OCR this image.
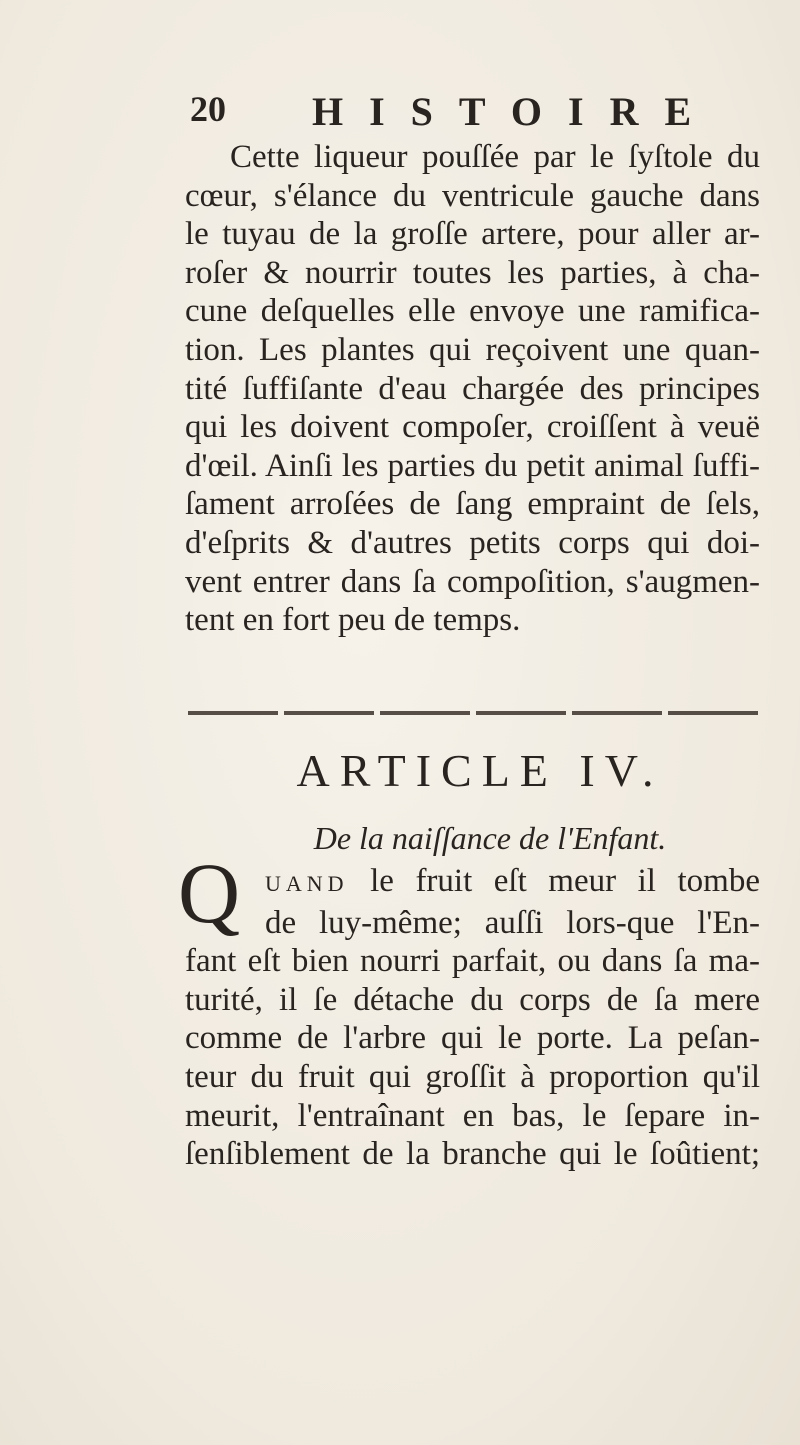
20 HISTOIRE
Cette liqueur pouſſée par le ſyſtole du
cœur, s'élance du ventricule gauche dans
le tuyau de la groſſe artere, pour aller ar-
roſer & nourrir toutes les parties, à cha-
cune deſquelles elle envoye une ramifica-
tion. Les plantes qui reçoivent une quan-
tité ſuffiſante d'eau chargée des principes
qui les doivent compoſer, croiſſent à veuë
d'œil. Ainſi les parties du petit animal ſuffi-
ſament arroſées de ſang empraint de ſels,
d'eſprits & d'autres petits corps qui doi-
vent entrer dans ſa compoſition, s'augmen-
tent en fort peu de temps.
ARTICLE IV.
De la naiſſance de l'Enfant.
Q	UAND le fruit eſt meur il tombe
de luy-même; auſſi lors-que l'En-
fant eſt bien nourri parfait, ou dans ſa ma-
turité, il ſe détache du corps de ſa mere
comme de l'arbre qui le porte. La peſan-
teur du fruit qui groſſit à proportion qu'il
meurit, l'entraînant en bas, le ſepare in-
ſenſiblement de la branche qui le ſoûtient;
